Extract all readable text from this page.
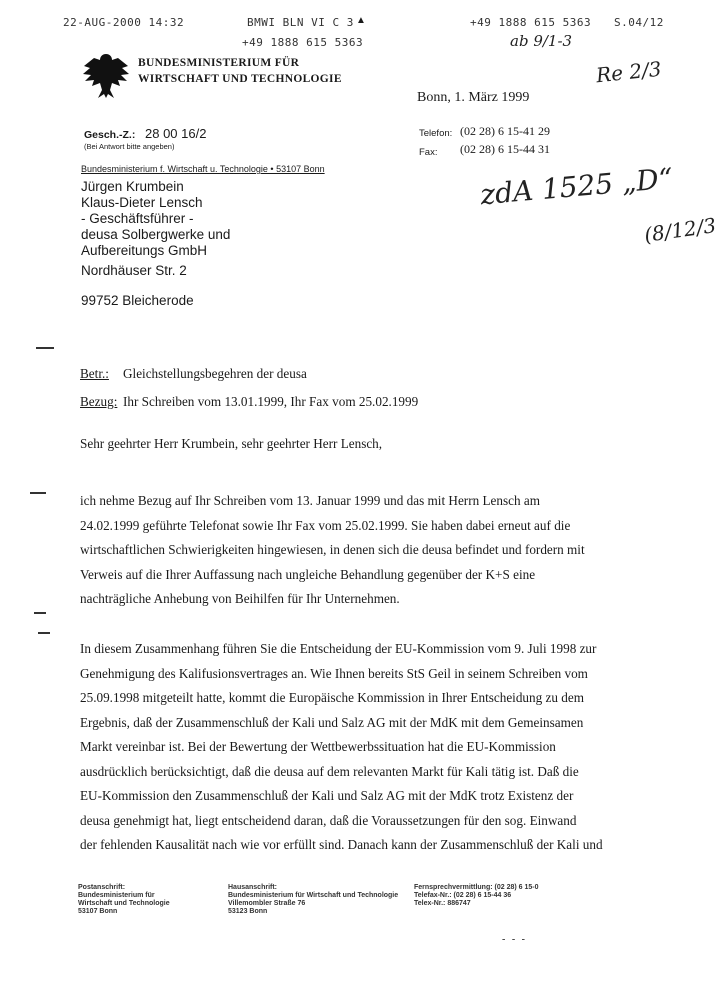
22-AUG-2000 14:32	BMWI BLN VI C 3 ▲
+49 1888 615 5363
+49 1888 615 5363 S.04/12
ab 9/1-3
Re 2/3
zdA 1525 „D“
(8/12/3
BUNDESMINISTERIUM FÜR
WIRTSCHAFT UND TECHNOLOGIE
Bonn, 1. März 1999
Gesch.-Z.: 28 00 16/2
(Bei Antwort bitte angeben)
Telefon: (02 28) 6 15-41 29
Fax: (02 28) 6 15-44 31
Bundesministerium f. Wirtschaft u. Technologie • 53107 Bonn
Jürgen Krumbein
Klaus-Dieter Lensch
- Geschäftsführer -
deusa Solbergwerke und
Aufbereitungs GmbH
Nordhäuser Str. 2
99752 Bleicherode
Betr.: Gleichstellungsbegehren der deusa
Bezug: Ihr Schreiben vom 13.01.1999, Ihr Fax vom 25.02.1999
Sehr geehrter Herr Krumbein, sehr geehrter Herr Lensch,

ich nehme Bezug auf Ihr Schreiben vom 13. Januar 1999 und das mit Herrn Lensch am

24.02.1999 geführte Telefonat sowie Ihr Fax vom 25.02.1999. Sie haben dabei erneut auf die

wirtschaftlichen Schwierigkeiten hingewiesen, in denen sich die deusa befindet und fordern mit

Verweis auf die Ihrer Auffassung nach ungleiche Behandlung gegenüber der K+S eine

nachträgliche Anhebung von Beihilfen für Ihr Unternehmen.

In diesem Zusammenhang führen Sie die Entscheidung der EU-Kommission vom 9. Juli 1998 zur

Genehmigung des Kalifusionsvertrages an. Wie Ihnen bereits StS Geil in seinem Schreiben vom

25.09.1998 mitgeteilt hatte, kommt die Europäische Kommission in Ihrer Entscheidung zu dem

Ergebnis, daß der Zusammenschluß der Kali und Salz AG mit der MdK mit dem Gemeinsamen

Markt vereinbar ist. Bei der Bewertung der Wettbewerbssituation hat die EU-Kommission

ausdrücklich berücksichtigt, daß die deusa auf dem relevanten Markt für Kali tätig ist. Daß die

EU-Kommission den Zusammenschluß der Kali und Salz AG mit der MdK trotz Existenz der

deusa genehmigt hat, liegt entscheidend daran, daß die Voraussetzungen für den sog. Einwand

der fehlenden Kausalität nach wie vor erfüllt sind. Danach kann der Zusammenschluß der Kali und

Postanschrift:
Bundesministerium für
Wirtschaft und Technologie
53107 Bonn
Hausanschrift:
Bundesministerium für Wirtschaft und Technologie
Villemombler Straße 76
53123 Bonn
Fernsprechvermittlung: (02 28) 6 15-0
Telefax-Nr.: (02 28) 6 15-44 36
Telex-Nr.: 886747
- - -
